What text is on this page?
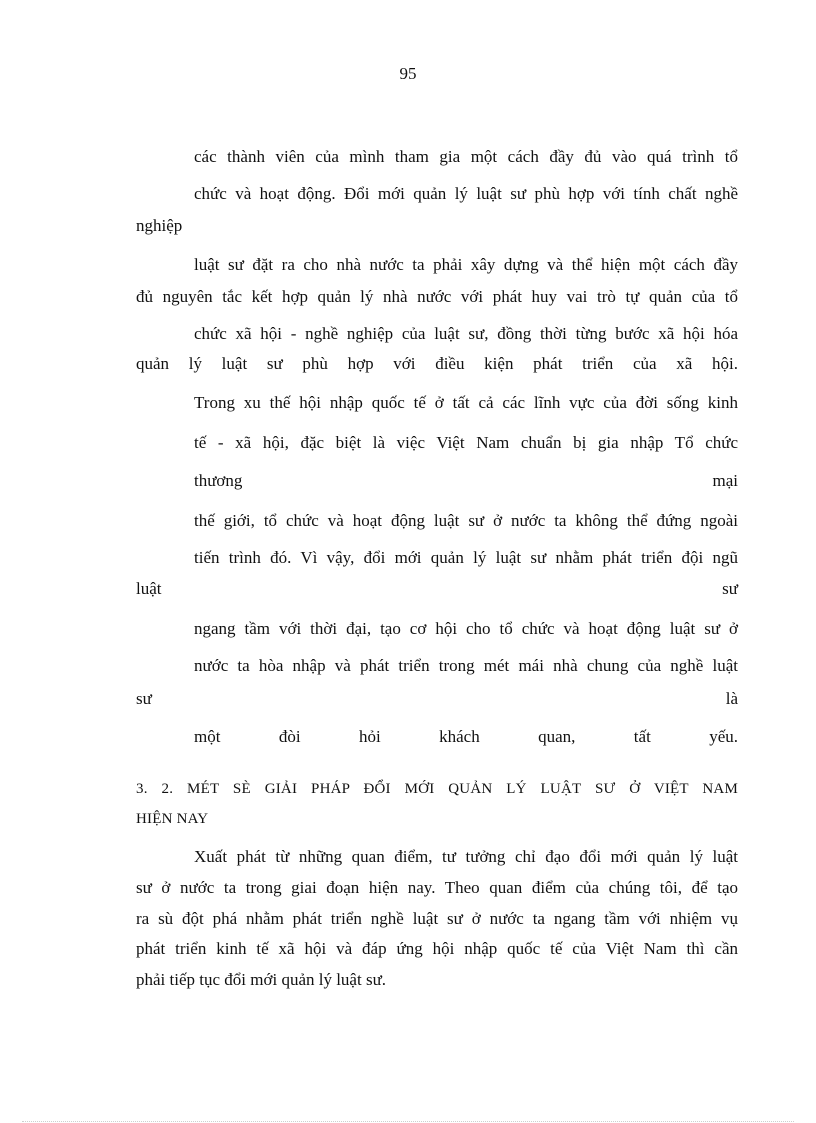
95
các thành viên của mình tham gia một cách đầy đủ vào quá trình tổ
chức và hoạt động. Đổi mới quản lý luật sư phù hợp với tính chất nghề
nghiệp
luật sư đặt ra cho nhà nước ta phải xây dựng và thể hiện một cách đầy
đủ nguyên tắc kết hợp quản lý nhà nước với phát huy vai trò tự quản của tổ
chức xã hội - nghề nghiệp của luật sư, đồng thời từng bước xã hội hóa
quản lý luật sư phù hợp với điều kiện phát triển của xã hội.
Trong xu thế hội nhập quốc tế ở tất cả các lĩnh vực của đời sống kinh
tế - xã hội, đặc biệt là việc Việt Nam chuẩn bị gia nhập Tổ chức
thương mại
thế giới, tổ chức và hoạt động luật sư ở nước ta không thể đứng ngoài
tiến trình đó. Vì vậy, đổi mới quản lý luật sư nhằm phát triển đội ngũ
luật sư
ngang tầm với thời đại, tạo cơ hội cho tổ chức và hoạt động luật sư ở
nước ta hòa nhập và phát triển trong mét mái nhà chung của nghề luật
sư là
một đòi hỏi khách quan, tất yếu.
3. 2. MÉT SÈ GIẢI PHÁP ĐỔI MỚI QUẢN LÝ LUẬT SƯ Ở VIỆT NAM
HIỆN NAY
Xuất phát từ những quan điểm, tư tưởng chỉ đạo đổi mới quản lý luật
sư ở nước ta trong giai đoạn hiện nay. Theo quan điểm của chúng tôi, để tạo
ra sù đột phá nhằm phát triển nghề luật sư ở nước ta ngang tầm với nhiệm vụ
phát triển kinh tế xã hội và đáp ứng hội nhập quốc tế của Việt Nam thì cần
phải tiếp tục đổi mới quản lý luật sư.
